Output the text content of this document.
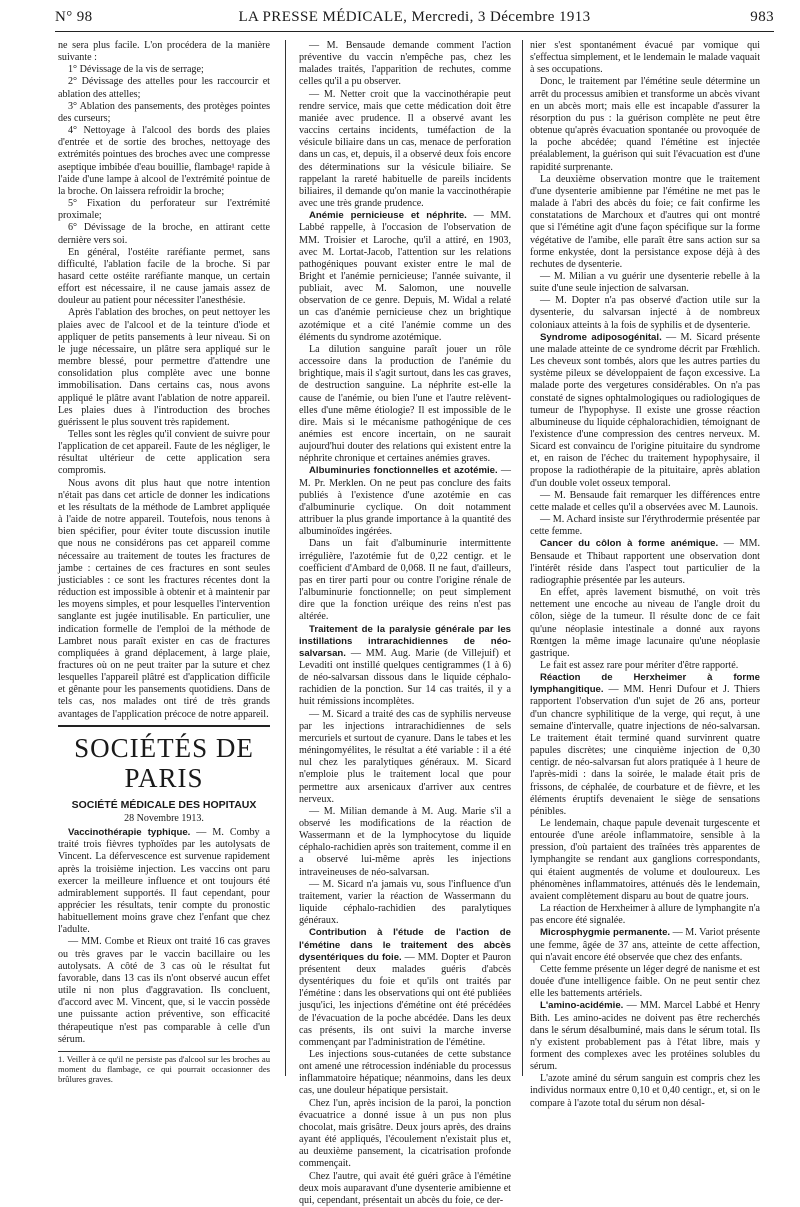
N° 98	LA PRESSE MÉDICALE, Mercredi, 3 Décembre 1913	983

ne sera plus facile. L'on procédera de la manière suivante :

1° Dévissage de la vis de serrage;

2° Dévissage des attelles pour les raccourcir et ablation des attelles;

3° Ablation des pansements, des protèges pointes des curseurs;

4° Nettoyage à l'alcool des bords des plaies d'entrée et de sortie des broches, nettoyage des extrémités pointues des broches avec une compresse aseptique imbibée d'eau bouillie, flambage¹ rapide à l'aide d'une lampe à alcool de l'extrémité pointue de la broche. On laissera refroidir la broche;

5° Fixation du perforateur sur l'extrémité proximale;

6° Dévissage de la broche, en attirant cette dernière vers soi.

En général, l'ostéite raréfiante permet, sans difficulté, l'ablation facile de la broche. Si par hasard cette ostéite raréfiante manque, un certain effort est nécessaire, il ne cause jamais assez de douleur au patient pour nécessiter l'anesthésie.

Après l'ablation des broches, on peut nettoyer les plaies avec de l'alcool et de la teinture d'iode et appliquer de petits pansements à leur niveau. Si on le juge nécessaire, un plâtre sera appliqué sur le membre blessé, pour permettre d'attendre une consolidation plus complète avec une bonne immobilisation. Dans certains cas, nous avons appliqué le plâtre avant l'ablation de notre appareil. Les plaies dues à l'introduction des broches guérissent le plus souvent très rapidement.

Telles sont les règles qu'il convient de suivre pour l'application de cet appareil. Faute de les négliger, le résultat ultérieur de cette application sera compromis.

Nous avons dit plus haut que notre intention n'était pas dans cet article de donner les indications et les résultats de la méthode de Lambret appliquée à l'aide de notre appareil. Toutefois, nous tenons à bien spécifier, pour éviter toute discussion inutile que nous ne considérons pas cet appareil comme nécessaire au traitement de toutes les fractures de jambe : certaines de ces fractures en sont seules justiciables : ce sont les fractures récentes dont la réduction est impossible à obtenir et à maintenir par les moyens simples, et pour lesquelles l'intervention sanglante est jugée inutilisable. En particulier, une indication formelle de l'emploi de la méthode de Lambret nous paraît exister en cas de fractures compliquées à grand déplacement, à large plaie, fractures où on ne peut traiter par la suture et chez lesquelles l'appareil plâtré est d'application difficile et gênante pour les pansements quotidiens. Dans de tels cas, nos malades ont tiré de très grands avantages de l'application précoce de notre appareil.

SOCIÉTÉS DE PARIS
SOCIÉTÉ MÉDICALE DES HOPITAUX
28 Novembre 1913.

Vaccinothérapie typhique. — M. Comby a traité trois fièvres typhoïdes par les autolysats de Vincent. La défervescence est survenue rapidement après la troisième injection. Les vaccins ont paru exercer la meilleure influence et ont toujours été admirablement supportés. Il faut cependant, pour apprécier les résultats, tenir compte du pronostic habituellement moins grave chez l'enfant que chez l'adulte.

— MM. Combe et Rieux ont traité 16 cas graves ou très graves par le vaccin bacillaire ou les autolysats. A côté de 3 cas où le résultat fut favorable, dans 13 cas ils n'ont observé aucun effet utile ni non plus d'aggravation. Ils concluent, d'accord avec M. Vincent, que, si le vaccin possède une puissante action préventive, son efficacité thérapeutique n'est pas comparable à celle d'un sérum.

1. Veiller à ce qu'il ne persiste pas d'alcool sur les broches au moment du flambage, ce qui pourrait occasionner des brûlures graves.

— M. Bensaude demande comment l'action préventive du vaccin n'empêche pas, chez les malades traités, l'apparition de rechutes, comme celles qu'il a pu observer.

— M. Netter croit que la vaccinothérapie peut rendre service, mais que cette médication doit être maniée avec prudence. Il a observé avant les vaccins certains incidents, tuméfaction de la vésicule biliaire dans un cas, menace de perforation dans un cas, et, depuis, il a observé deux fois encore des déterminations sur la vésicule biliaire. Se rappelant la rareté habituelle de pareils incidents biliaires, il demande qu'on manie la vaccinothérapie avec une très grande prudence.

Anémie pernicieuse et néphrite. — MM. Labbé rappelle, à l'occasion de l'observation de MM. Troisier et Laroche, qu'il a attiré, en 1903, avec M. Lortat-Jacob, l'attention sur les relations pathogéniques pouvant exister entre le mal de Bright et l'anémie pernicieuse; l'année suivante, il publiait, avec M. Salomon, une nouvelle observation de ce genre. Depuis, M. Widal a relaté un cas d'anémie pernicieuse chez un brightique azotémique et a cité l'anémie comme un des éléments du syndrome azotémique.

La dilution sanguine paraît jouer un rôle accessoire dans la production de l'anémie du brightique, mais il s'agit surtout, dans les cas graves, de destruction sanguine. La néphrite est-elle la cause de l'anémie, ou bien l'une et l'autre relèvent-elles d'une même étiologie? Il est impossible de le dire. Mais si le mécanisme pathogénique de ces anémies est encore incertain, on ne saurait aujourd'hui douter des relations qui existent entre la néphrite chronique et certaines anémies graves.

Albuminuries fonctionnelles et azotémie. — M. Pr. Merklen. On ne peut pas conclure des faits publiés à l'existence d'une azotémie en cas d'albuminurie cyclique. On doit notamment attribuer la plus grande importance à la quantité des albuminoïdes ingérées.

Dans un fait d'albuminurie intermittente irrégulière, l'azotémie fut de 0,22 centigr. et le coefficient d'Ambard de 0,068. Il ne faut, d'ailleurs, pas en tirer parti pour ou contre l'origine rénale de l'albuminurie fonctionnelle; on peut simplement dire que la fonction uréique des reins n'est pas altérée.

Traitement de la paralysie générale par les instillations intrarachidiennes de néo-salvarsan. — MM. Aug. Marie (de Villejuif) et Levaditi ont instillé quelques centigrammes (1 à 6) de néo-salvarsan dissous dans le liquide céphalo-rachidien de la ponction. Sur 14 cas traités, il y a huit rémissions incomplètes.

— M. Sicard a traité des cas de syphilis nerveuse par les injections intrarachidiennes de sels mercuriels et surtout de cyanure. Dans le tabes et les méningomyélites, le résultat a été variable : il a été nul chez les paralytiques généraux. M. Sicard n'emploie plus le traitement local que pour permettre aux arsenicaux d'arriver aux centres nerveux.

— M. Milian demande à M. Aug. Marie s'il a observé les modifications de la réaction de Wassermann et de la lymphocytose du liquide céphalo-rachidien après son traitement, comme il en a observé lui-même après les injections intraveineuses de néo-salvarsan.

— M. Sicard n'a jamais vu, sous l'influence d'un traitement, varier la réaction de Wassermann du liquide céphalo-rachidien des paralytiques généraux.

Contribution à l'étude de l'action de l'émétine dans le traitement des abcès dysentériques du foie. — MM. Dopter et Pauron présentent deux malades guéris d'abcès dysentériques du foie et qu'ils ont traités par l'émétine : dans les observations qui ont été publiées jusqu'ici, les injections d'émétine ont été précédées de l'évacuation de la poche abcédée. Dans les deux cas présents, ils ont suivi la marche inverse commençant par l'administration de l'émétine.

Les injections sous-cutanées de cette substance ont amené une rétrocession indéniable du processus inflammatoire hépatique; néanmoins, dans les deux cas, une douleur hépatique persistait.

Chez l'un, après incision de la paroi, la ponction évacuatrice a donné issue à un pus non plus chocolat, mais grisâtre. Deux jours après, des drains ayant été appliqués, l'écoulement n'existait plus et, au deuxième pansement, la cicatrisation profonde commençait.

Chez l'autre, qui avait été guéri grâce à l'émétine deux mois auparavant d'une dysenterie amibienne et qui, cependant, présentait un abcès du foie, ce der-

nier s'est spontanément évacué par vomique qui s'effectua simplement, et le lendemain le malade vaquait à ses occupations.

Donc, le traitement par l'émétine seule détermine un arrêt du processus amibien et transforme un abcès vivant en un abcès mort; mais elle est incapable d'assurer la résorption du pus : la guérison complète ne peut être obtenue qu'après évacuation spontanée ou provoquée de la poche abcédée; quand l'émétine est injectée préalablement, la guérison qui suit l'évacuation est d'une rapidité surprenante.

La deuxième observation montre que le traitement d'une dysenterie amibienne par l'émétine ne met pas le malade à l'abri des abcès du foie; ce fait confirme les constatations de Marchoux et d'autres qui ont montré que si l'émétine agit d'une façon spécifique sur la forme végétative de l'amibe, elle paraît être sans action sur sa forme enkystée, dont la persistance expose déjà à des rechutes de dysenterie.

— M. Milian a vu guérir une dysenterie rebelle à la suite d'une seule injection de salvarsan.

— M. Dopter n'a pas observé d'action utile sur la dysenterie, du salvarsan injecté à de nombreux coloniaux atteints à la fois de syphilis et de dysenterie.

Syndrome adiposogénital. — M. Sicard présente une malade atteinte de ce syndrome décrit par Frœhlich. Les cheveux sont tombés, alors que les autres parties du système pileux se développaient de façon excessive. La malade porte des vergetures considérables. On n'a pas constaté de signes ophtalmologiques ou radiologiques de tumeur de l'hypophyse. Il existe une grosse réaction albumineuse du liquide céphalorachidien, témoignant de l'existence d'une compression des centres nerveux. M. Sicard est convaincu de l'origine pituitaire du syndrome et, en raison de l'échec du traitement hypophysaire, il propose la radiothérapie de la pituitaire, après ablation d'un double volet osseux temporal.

— M. Bensaude fait remarquer les différences entre cette malade et celles qu'il a observées avec M. Launois.

— M. Achard insiste sur l'érythrodermie présentée par cette femme.

Cancer du côlon à forme anémique. — MM. Bensaude et Thibaut rapportent une observation dont l'intérêt réside dans l'aspect tout particulier de la radiographie présentée par les auteurs.

En effet, après lavement bismuthé, on voit très nettement une encoche au niveau de l'angle droit du côlon, siège de la tumeur. Il résulte donc de ce fait qu'une néoplasie intestinale a donné aux rayons Rœntgen la même image lacunaire qu'une néoplasie gastrique.

Le fait est assez rare pour mériter d'être rapporté.

Réaction de Herxheimer à forme lymphangitique. — MM. Henri Dufour et J. Thiers rapportent l'observation d'un sujet de 26 ans, porteur d'un chancre syphilitique de la verge, qui reçut, à une semaine d'intervalle, quatre injections de néo-salvarsan. Le traitement était terminé quand survinrent quatre papules discrètes; une cinquième injection de 0,30 centigr. de néo-salvarsan fut alors pratiquée à 1 heure de l'après-midi : dans la soirée, le malade était pris de frissons, de céphalée, de courbature et de fièvre, et les éléments éruptifs devenaient le siège de sensations pénibles.

Le lendemain, chaque papule devenait turgescente et entourée d'une aréole inflammatoire, sensible à la pression, d'où partaient des traînées très apparentes de lymphangite se rendant aux ganglions correspondants, qui étaient augmentés de volume et douloureux. Les phénomènes inflammatoires, atténués dès le lendemain, avaient complètement disparu au bout de quatre jours.

La réaction de Herxheimer à allure de lymphangite n'a pas encore été signalée.

Microsphygmie permanente. — M. Variot présente une femme, âgée de 37 ans, atteinte de cette affection, qui n'avait encore été observée que chez des enfants.

Cette femme présente un léger degré de nanisme et est douée d'une intelligence faible. On ne peut sentir chez elle les battements artériels.

L'amino-acidémie. — MM. Marcel Labbé et Henry Bith. Les amino-acides ne doivent pas être recherchés dans le sérum désalbuminé, mais dans le sérum total. Ils n'y existent probablement pas à l'état libre, mais y forment des complexes avec les protéines solubles du sérum.

L'azote aminé du sérum sanguin est compris chez les individus normaux entre 0,10 et 0,40 centigr., et, si on le compare à l'azote total du sérum non désal-
